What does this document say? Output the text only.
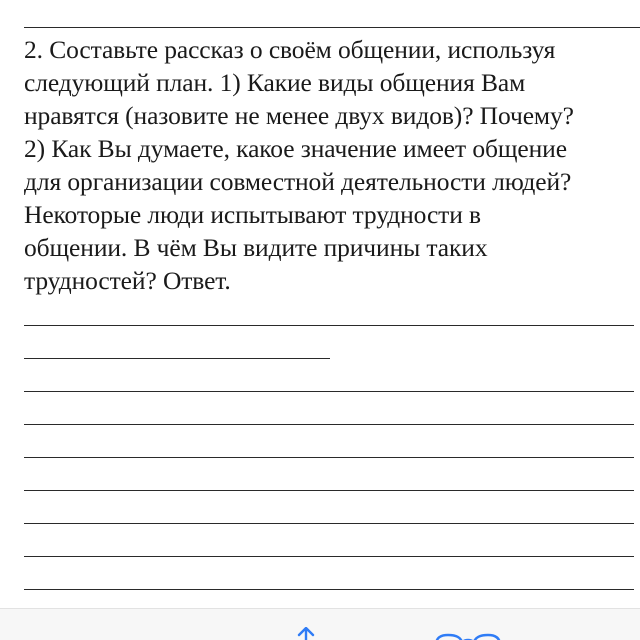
2. Составьте рассказ о своём общении, используя
следующий план. 1) Какие виды общения Вам
нравятся (назовите не менее двух видов)? Почему?
2) Как Вы думаете, какое значение имеет общение
для организации совместной деятельности людей?
Некоторые люди испытывают трудности в
общении. В чём Вы видите причины таких
трудностей? Ответ.
